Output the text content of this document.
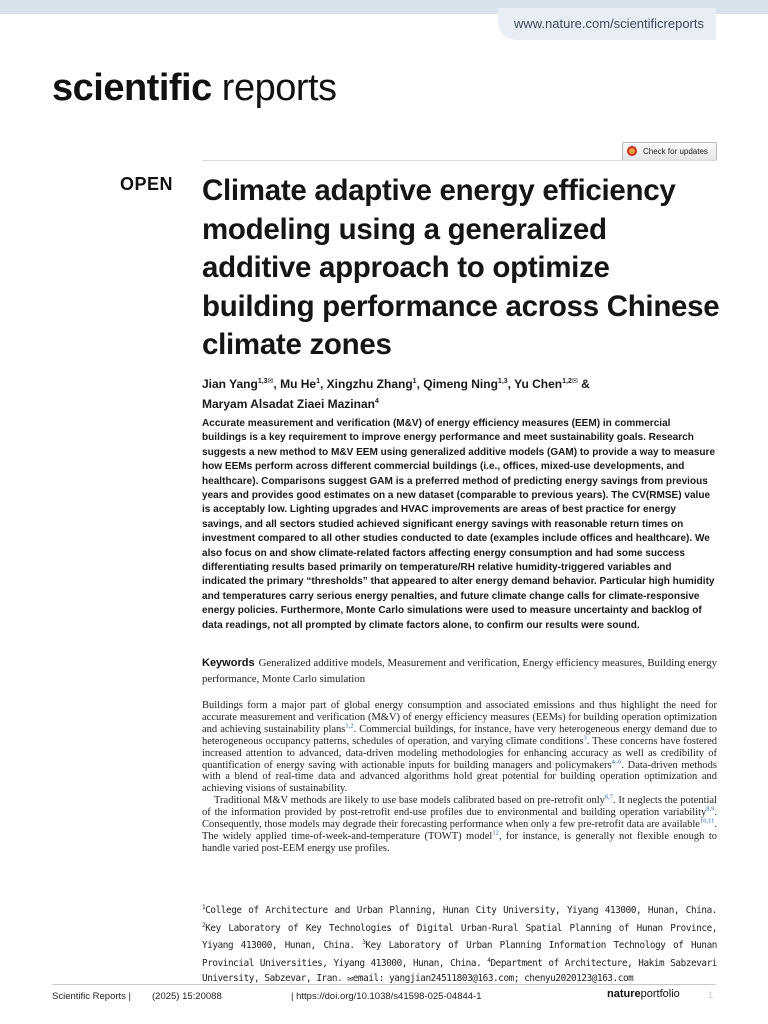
www.nature.com/scientificreports
scientific reports
Check for updates
OPEN Climate adaptive energy efficiency modeling using a generalized additive approach to optimize building performance across Chinese climate zones
Jian Yang$^{1,3✉}$, Mu He$^1$, Xingzhu Zhang$^1$, Qimeng Ning$^{1,3}$, Yu Chen$^{1,2✉}$ &
Maryam Alsadat Ziaei Mazinan$^4$

Accurate measurement and verification (M&V) of energy efficiency measures (EEM) in commercial buildings is a key requirement to improve energy performance and meet sustainability goals. Research suggests a new method to M&V EEM using generalized additive models (GAM) to provide a way to measure how EEMs perform across different commercial buildings (i.e., offices, mixed-use developments, and healthcare). Comparisons suggest GAM is a preferred method of predicting energy savings from previous years and provides good estimates on a new dataset (comparable to previous years). The CV(RMSE) value is acceptably low. Lighting upgrades and HVAC improvements are areas of best practice for energy savings, and all sectors studied achieved significant energy savings with reasonable return times on investment compared to all other studies conducted to date (examples include offices and healthcare). We also focus on and show climate-related factors affecting energy consumption and had some success differentiating results based primarily on temperature/RH relative humidity-triggered variables and indicated the primary “thresholds” that appeared to alter energy demand behavior. Particular high humidity and temperatures carry serious energy penalties, and future climate change calls for climate-responsive energy policies. Furthermore, Monte Carlo simulations were used to measure uncertainty and backlog of data readings, not all prompted by climate factors alone, to confirm our results were sound.

Keywords Generalized additive models, Measurement and verification, Energy efficiency measures, Building energy performance, Monte Carlo simulation

Buildings form a major part of global energy consumption and associated emissions and thus highlight the need for accurate measurement and verification (M&V) of energy efficiency measures (EEMs) for building operation optimization and achieving sustainability plans$^{1,2}$. Commercial buildings, for instance, have very heterogeneous energy demand due to heterogeneous occupancy patterns, schedules of operation, and varying climate conditions$^3$. These concerns have fostered increased attention to advanced, data-driven modeling methodologies for enhancing accuracy as well as credibility of quantification of energy saving with actionable inputs for building managers and policymakers$^{4-6}$. Data-driven methods with a blend of real-time data and advanced algorithms hold great potential for building operation optimization and achieving visions of sustainability.

Traditional M&V methods are likely to use base models calibrated based on pre-retrofit only$^{6,7}$. It neglects the potential of the information provided by post-retrofit end-use profiles due to environmental and building operation variability$^{8,9}$. Consequently, those models may degrade their forecasting performance when only a few pre-retrofit data are available$^{10,11}$. The widely applied time-of-week-and-temperature (TOWT) model$^{12}$, for instance, is generally not flexible enough to handle varied post-EEM energy use profiles.

$^1$College of Architecture and Urban Planning, Hunan City University, Yiyang 413000, Hunan, China. $^2$Key Laboratory of Key Technologies of Digital Urban-Rural Spatial Planning of Hunan Province, Yiyang 413000, Hunan, China. $^3$Key Laboratory of Urban Planning Information Technology of Hunan Provincial Universities, Yiyang 413000, Hunan, China. $^4$Department of Architecture, Hakim Sabzevari University, Sabzevar, Iran. ✉email: yangjian24511803@163.com; chenyu2020123@163.com

Scientific Reports | (2025) 15:20088	| https://doi.org/10.1038/s41598-025-04844-1	natureportfolio	1
